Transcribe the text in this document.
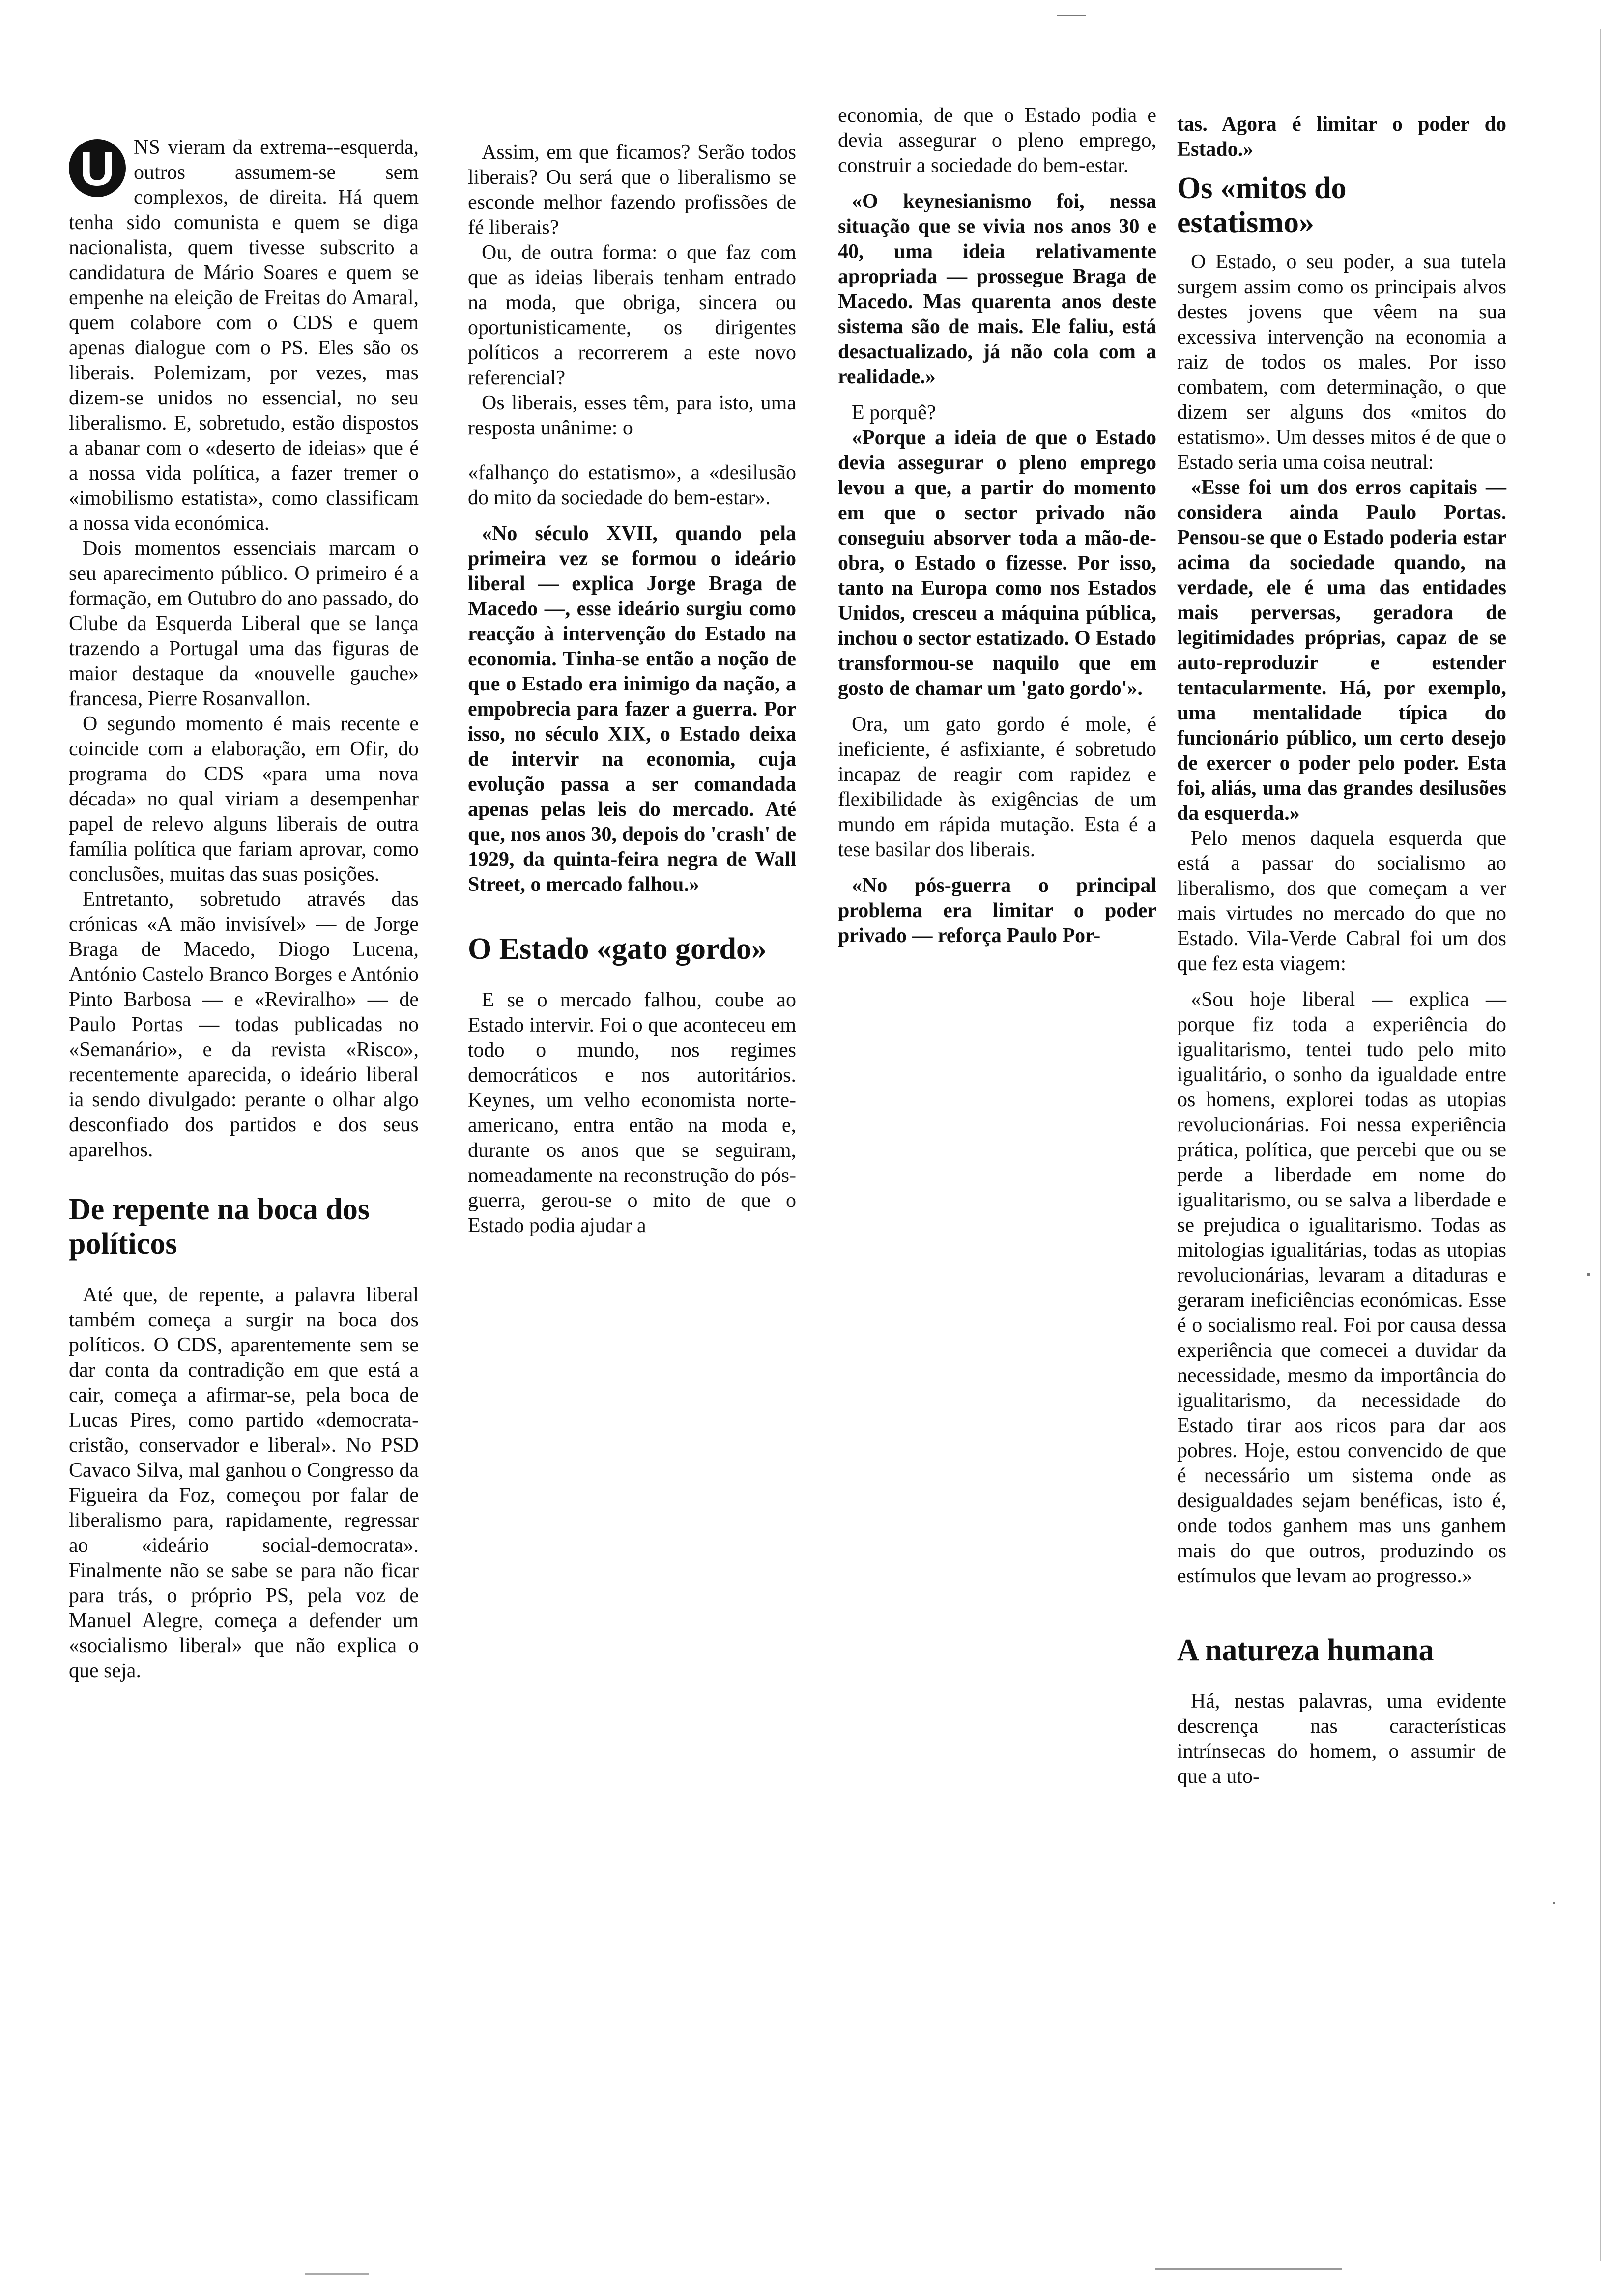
U NS vieram da extrema--esquerda, outros assumem-se sem complexos, de direita. Há quem tenha sido comunista e quem se diga nacionalista, quem tivesse subscrito a candidatura de Mário Soares e quem se empenhe na eleição de Freitas do Amaral, quem colabore com o CDS e quem apenas dialogue com o PS. Eles são os liberais. Polemizam, por vezes, mas dizem-se unidos no essencial, no seu liberalismo. E, sobretudo, estão dispostos a abanar com o «deserto de ideias» que é a nossa vida política, a fazer tremer o «imobilismo estatista», como classificam a nossa vida económica.

Dois momentos essenciais marcam o seu aparecimento público. O primeiro é a formação, em Outubro do ano passado, do Clube da Esquerda Liberal que se lança trazendo a Portugal uma das figuras de maior destaque da «nouvelle gauche» francesa, Pierre Rosanvallon.

O segundo momento é mais recente e coincide com a elaboração, em Ofir, do programa do CDS «para uma nova década» no qual viriam a desempenhar papel de relevo alguns liberais de outra família política que fariam aprovar, como conclusões, muitas das suas posições.

Entretanto, sobretudo através das crónicas «A mão invisível» — de Jorge Braga de Macedo, Diogo Lucena, António Castelo Branco Borges e António Pinto Barbosa — e «Reviralho» — de Paulo Portas — todas publicadas no «Semanário», e da revista «Risco», recentemente aparecida, o ideário liberal ia sendo divulgado: perante o olhar algo desconfiado dos partidos e dos seus aparelhos.

De repente na boca dos políticos

Até que, de repente, a palavra liberal também começa a surgir na boca dos políticos. O CDS, aparentemente sem se dar conta da contradição em que está a cair, começa a afirmar-se, pela boca de Lucas Pires, como partido «democrata-cristão, conservador e liberal». No PSD Cavaco Silva, mal ganhou o Congresso da Figueira da Foz, começou por falar de liberalismo para, rapidamente, regressar ao «ideário social-democrata». Finalmente não se sabe se para não ficar para trás, o próprio PS, pela voz de Manuel Alegre, começa a defender um «socialismo liberal» que não explica o que seja.

Assim, em que ficamos? Serão todos liberais? Ou será que o liberalismo se esconde melhor fazendo profissões de fé liberais?

Ou, de outra forma: o que faz com que as ideias liberais tenham entrado na moda, que obriga, sincera ou oportunisticamente, os dirigentes políticos a recorrerem a este novo referencial?

Os liberais, esses têm, para isto, uma resposta unânime: o

«falhanço do estatismo», a «desilusão do mito da sociedade do bem-estar».

«No século XVII, quando pela primeira vez se formou o ideário liberal — explica Jorge Braga de Macedo —, esse ideário surgiu como reacção à intervenção do Estado na economia. Tinha-se então a noção de que o Estado era inimigo da nação, a empobrecia para fazer a guerra. Por isso, no século XIX, o Estado deixa de intervir na economia, cuja evolução passa a ser comandada apenas pelas leis do mercado. Até que, nos anos 30, depois do 'crash' de 1929, da quinta-feira negra de Wall Street, o mercado falhou.»

O Estado «gato gordo»

E se o mercado falhou, coube ao Estado intervir. Foi o que aconteceu em todo o mundo, nos regimes democráticos e nos autoritários. Keynes, um velho economista norte-americano, entra então na moda e, durante os anos que se seguiram, nomeadamente na reconstrução do pós-guerra, gerou-se o mito de que o Estado podia ajudar a

economia, de que o Estado podia e devia assegurar o pleno emprego, construir a sociedade do bem-estar.

«O keynesianismo foi, nessa situação que se vivia nos anos 30 e 40, uma ideia relativamente apropriada — prossegue Braga de Macedo. Mas quarenta anos deste sistema são de mais. Ele faliu, está desactualizado, já não cola com a realidade.»

E porquê?

«Porque a ideia de que o Estado devia assegurar o pleno emprego levou a que, a partir do momento em que o sector privado não conseguiu absorver toda a mão-de-obra, o Estado o fizesse. Por isso, tanto na Europa como nos Estados Unidos, cresceu a máquina pública, inchou o sector estatizado. O Estado transformou-se naquilo que em gosto de chamar um 'gato gordo'».

Ora, um gato gordo é mole, é ineficiente, é asfixiante, é sobretudo incapaz de reagir com rapidez e flexibilidade às exigências de um mundo em rápida mutação. Esta é a tese basilar dos liberais.

«No pós-guerra o principal problema era limitar o poder privado — reforça Paulo Por-

tas. Agora é limitar o poder do Estado.»

Os «mitos do estatismo»

O Estado, o seu poder, a sua tutela surgem assim como os principais alvos destes jovens que vêem na sua excessiva intervenção na economia a raiz de todos os males. Por isso combatem, com determinação, o que dizem ser alguns dos «mitos do estatismo». Um desses mitos é de que o Estado seria uma coisa neutral:

«Esse foi um dos erros capitais — considera ainda Paulo Portas. Pensou-se que o Estado poderia estar acima da sociedade quando, na verdade, ele é uma das entidades mais perversas, geradora de legitimidades próprias, capaz de se auto-reproduzir e estender tentacularmente. Há, por exemplo, uma mentalidade típica do funcionário público, um certo desejo de exercer o poder pelo poder. Esta foi, aliás, uma das grandes desilusões da esquerda.»

Pelo menos daquela esquerda que está a passar do socialismo ao liberalismo, dos que começam a ver mais virtudes no mercado do que no Estado. Vila-Verde Cabral foi um dos que fez esta viagem:

«Sou hoje liberal — explica — porque fiz toda a experiência do igualitarismo, tentei tudo pelo mito igualitário, o sonho da igualdade entre os homens, explorei todas as utopias revolucionárias. Foi nessa experiência prática, política, que percebi que ou se perde a liberdade em nome do igualitarismo, ou se salva a liberdade e se prejudica o igualitarismo. Todas as mitologias igualitárias, todas as utopias revolucionárias, levaram a ditaduras e geraram ineficiências económicas. Esse é o socialismo real. Foi por causa dessa experiência que comecei a duvidar da necessidade, mesmo da importância do igualitarismo, da necessidade do Estado tirar aos ricos para dar aos pobres. Hoje, estou convencido de que é necessário um sistema onde as desigualdades sejam benéficas, isto é, onde todos ganhem mas uns ganhem mais do que outros, produzindo os estímulos que levam ao progresso.»

A natureza humana

Há, nestas palavras, uma evidente descrença nas características intrínsecas do homem, o assumir de que a uto-
